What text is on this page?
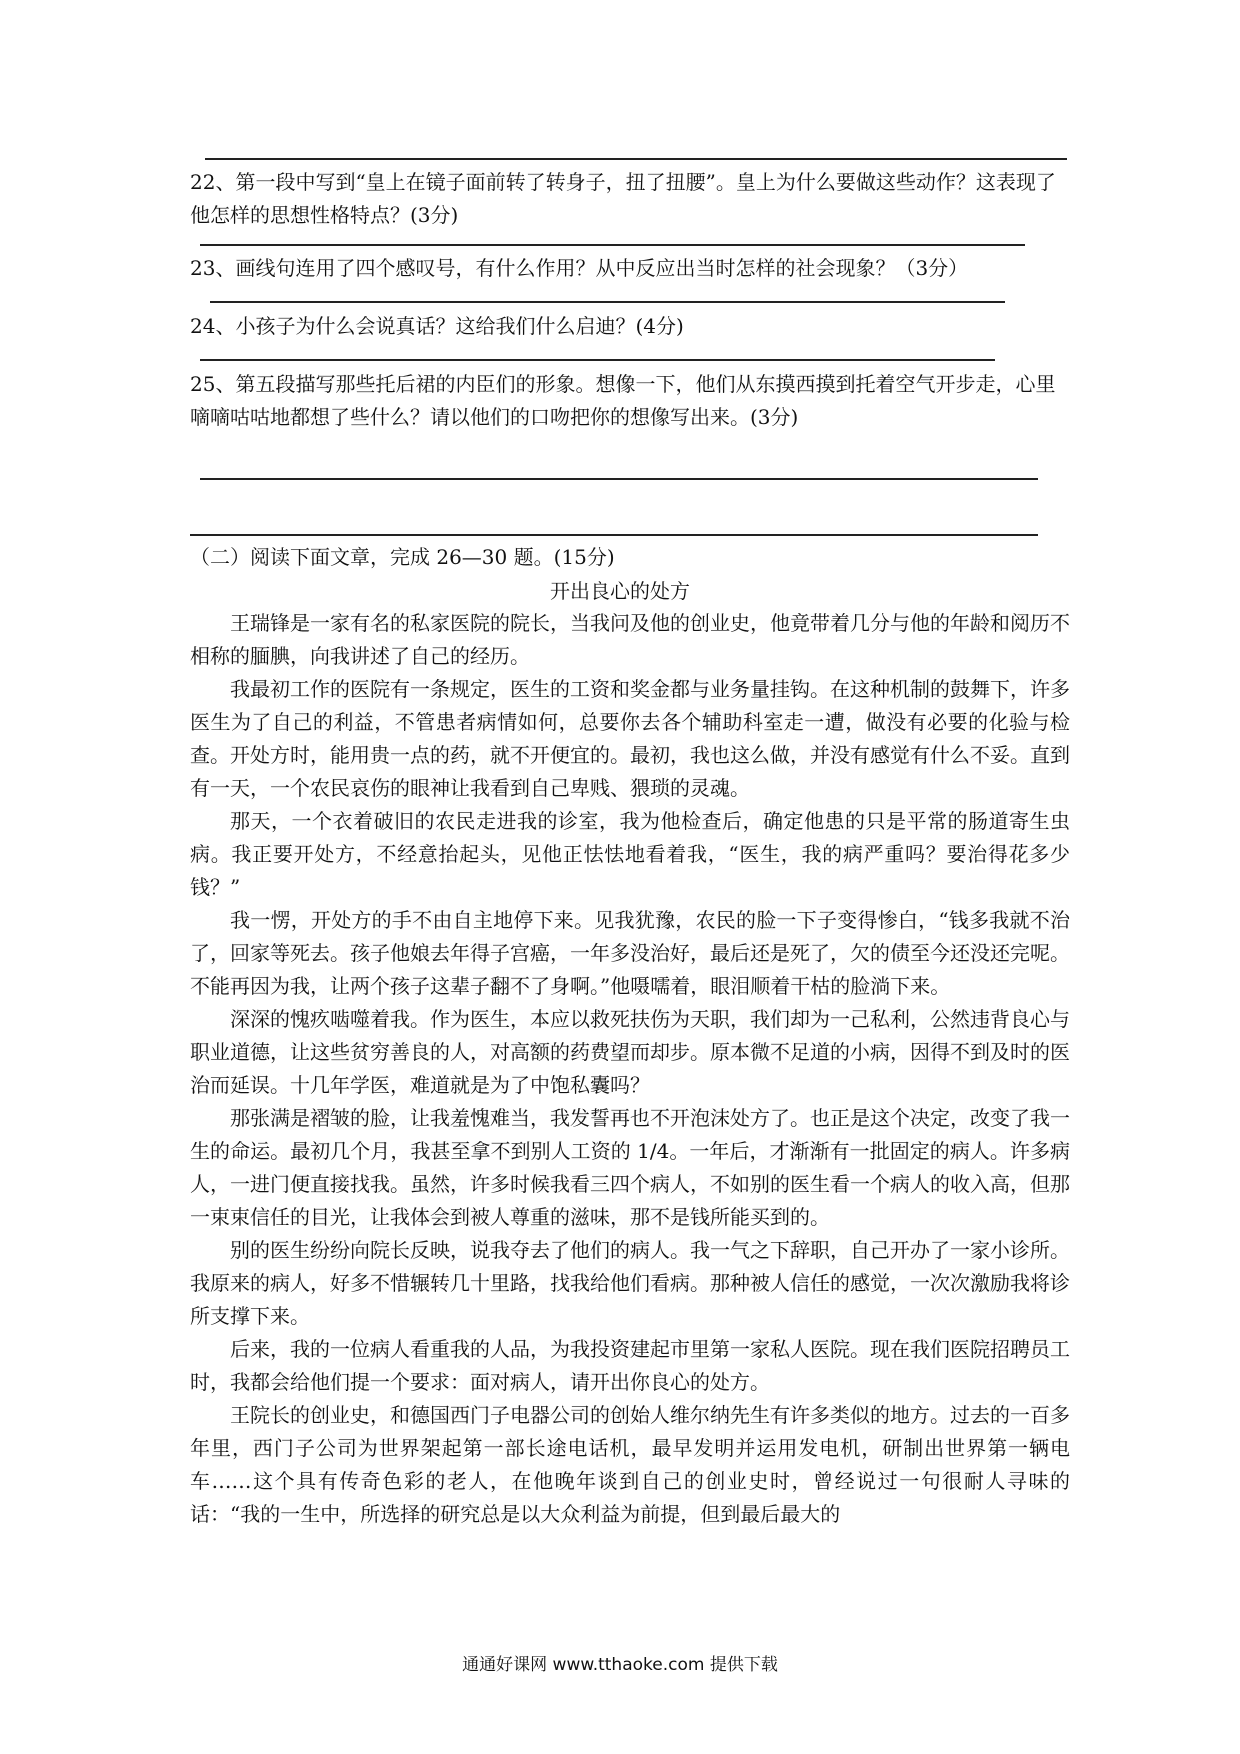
22、第一段中写到“皇上在镜子面前转了转身子，扭了扭腰”。皇上为什么要做这些动作？这表现了他怎样的思想性格特点？(3分)
23、画线句连用了四个感叹号，有什么作用？从中反应出当时怎样的社会现象？（3分）
24、小孩子为什么会说真话？这给我们什么启迪？(4分)
25、第五段描写那些托后裙的内臣们的形象。想像一下，他们从东摸西摸到托着空气开步走，心里嘀嘀咕咕地都想了些什么？请以他们的口吻把你的想像写出来。(3分)
（二）阅读下面文章，完成 26—30 题。(15分)
开出良心的处方

王瑞锋是一家有名的私家医院的院长，当我问及他的创业史，他竟带着几分与他的年龄和阅历不相称的腼腆，向我讲述了自己的经历。

我最初工作的医院有一条规定，医生的工资和奖金都与业务量挂钩。在这种机制的鼓舞下，许多医生为了自己的利益，不管患者病情如何，总要你去各个辅助科室走一遭，做没有必要的化验与检查。开处方时，能用贵一点的药，就不开便宜的。最初，我也这么做，并没有感觉有什么不妥。直到有一天，一个农民哀伤的眼神让我看到自己卑贱、猥琐的灵魂。

那天，一个衣着破旧的农民走进我的诊室，我为他检查后，确定他患的只是平常的肠道寄生虫病。我正要开处方，不经意抬起头，见他正怯怯地看着我，“医生，我的病严重吗？要治得花多少钱？”

我一愣，开处方的手不由自主地停下来。见我犹豫，农民的脸一下子变得惨白，“钱多我就不治了，回家等死去。孩子他娘去年得子宫癌，一年多没治好，最后还是死了，欠的债至今还没还完呢。不能再因为我，让两个孩子这辈子翻不了身啊。”他嗫嚅着，眼泪顺着干枯的脸淌下来。

深深的愧疚啮噬着我。作为医生，本应以救死扶伤为天职，我们却为一己私利，公然违背良心与职业道德，让这些贫穷善良的人，对高额的药费望而却步。原本微不足道的小病，因得不到及时的医治而延误。十几年学医，难道就是为了中饱私囊吗？

那张满是褶皱的脸，让我羞愧难当，我发誓再也不开泡沫处方了。也正是这个决定，改变了我一生的命运。最初几个月，我甚至拿不到别人工资的 1/4。一年后，才渐渐有一批固定的病人。许多病人，一进门便直接找我。虽然，许多时候我看三四个病人，不如别的医生看一个病人的收入高，但那一束束信任的目光，让我体会到被人尊重的滋味，那不是钱所能买到的。

别的医生纷纷向院长反映，说我夺去了他们的病人。我一气之下辞职，自己开办了一家小诊所。我原来的病人，好多不惜辗转几十里路，找我给他们看病。那种被人信任的感觉，一次次激励我将诊所支撑下来。

后来，我的一位病人看重我的人品，为我投资建起市里第一家私人医院。现在我们医院招聘员工时，我都会给他们提一个要求：面对病人，请开出你良心的处方。

王院长的创业史，和德国西门子电器公司的创始人维尔纳先生有许多类似的地方。过去的一百多年里，西门子公司为世界架起第一部长途电话机，最早发明并运用发电机，研制出世界第一辆电车……这个具有传奇色彩的老人，在他晚年谈到自己的创业史时，曾经说过一句很耐人寻味的话：“我的一生中，所选择的研究总是以大众利益为前提，但到最后最大的

通通好课网 www.tthaoke.com 提供下载
